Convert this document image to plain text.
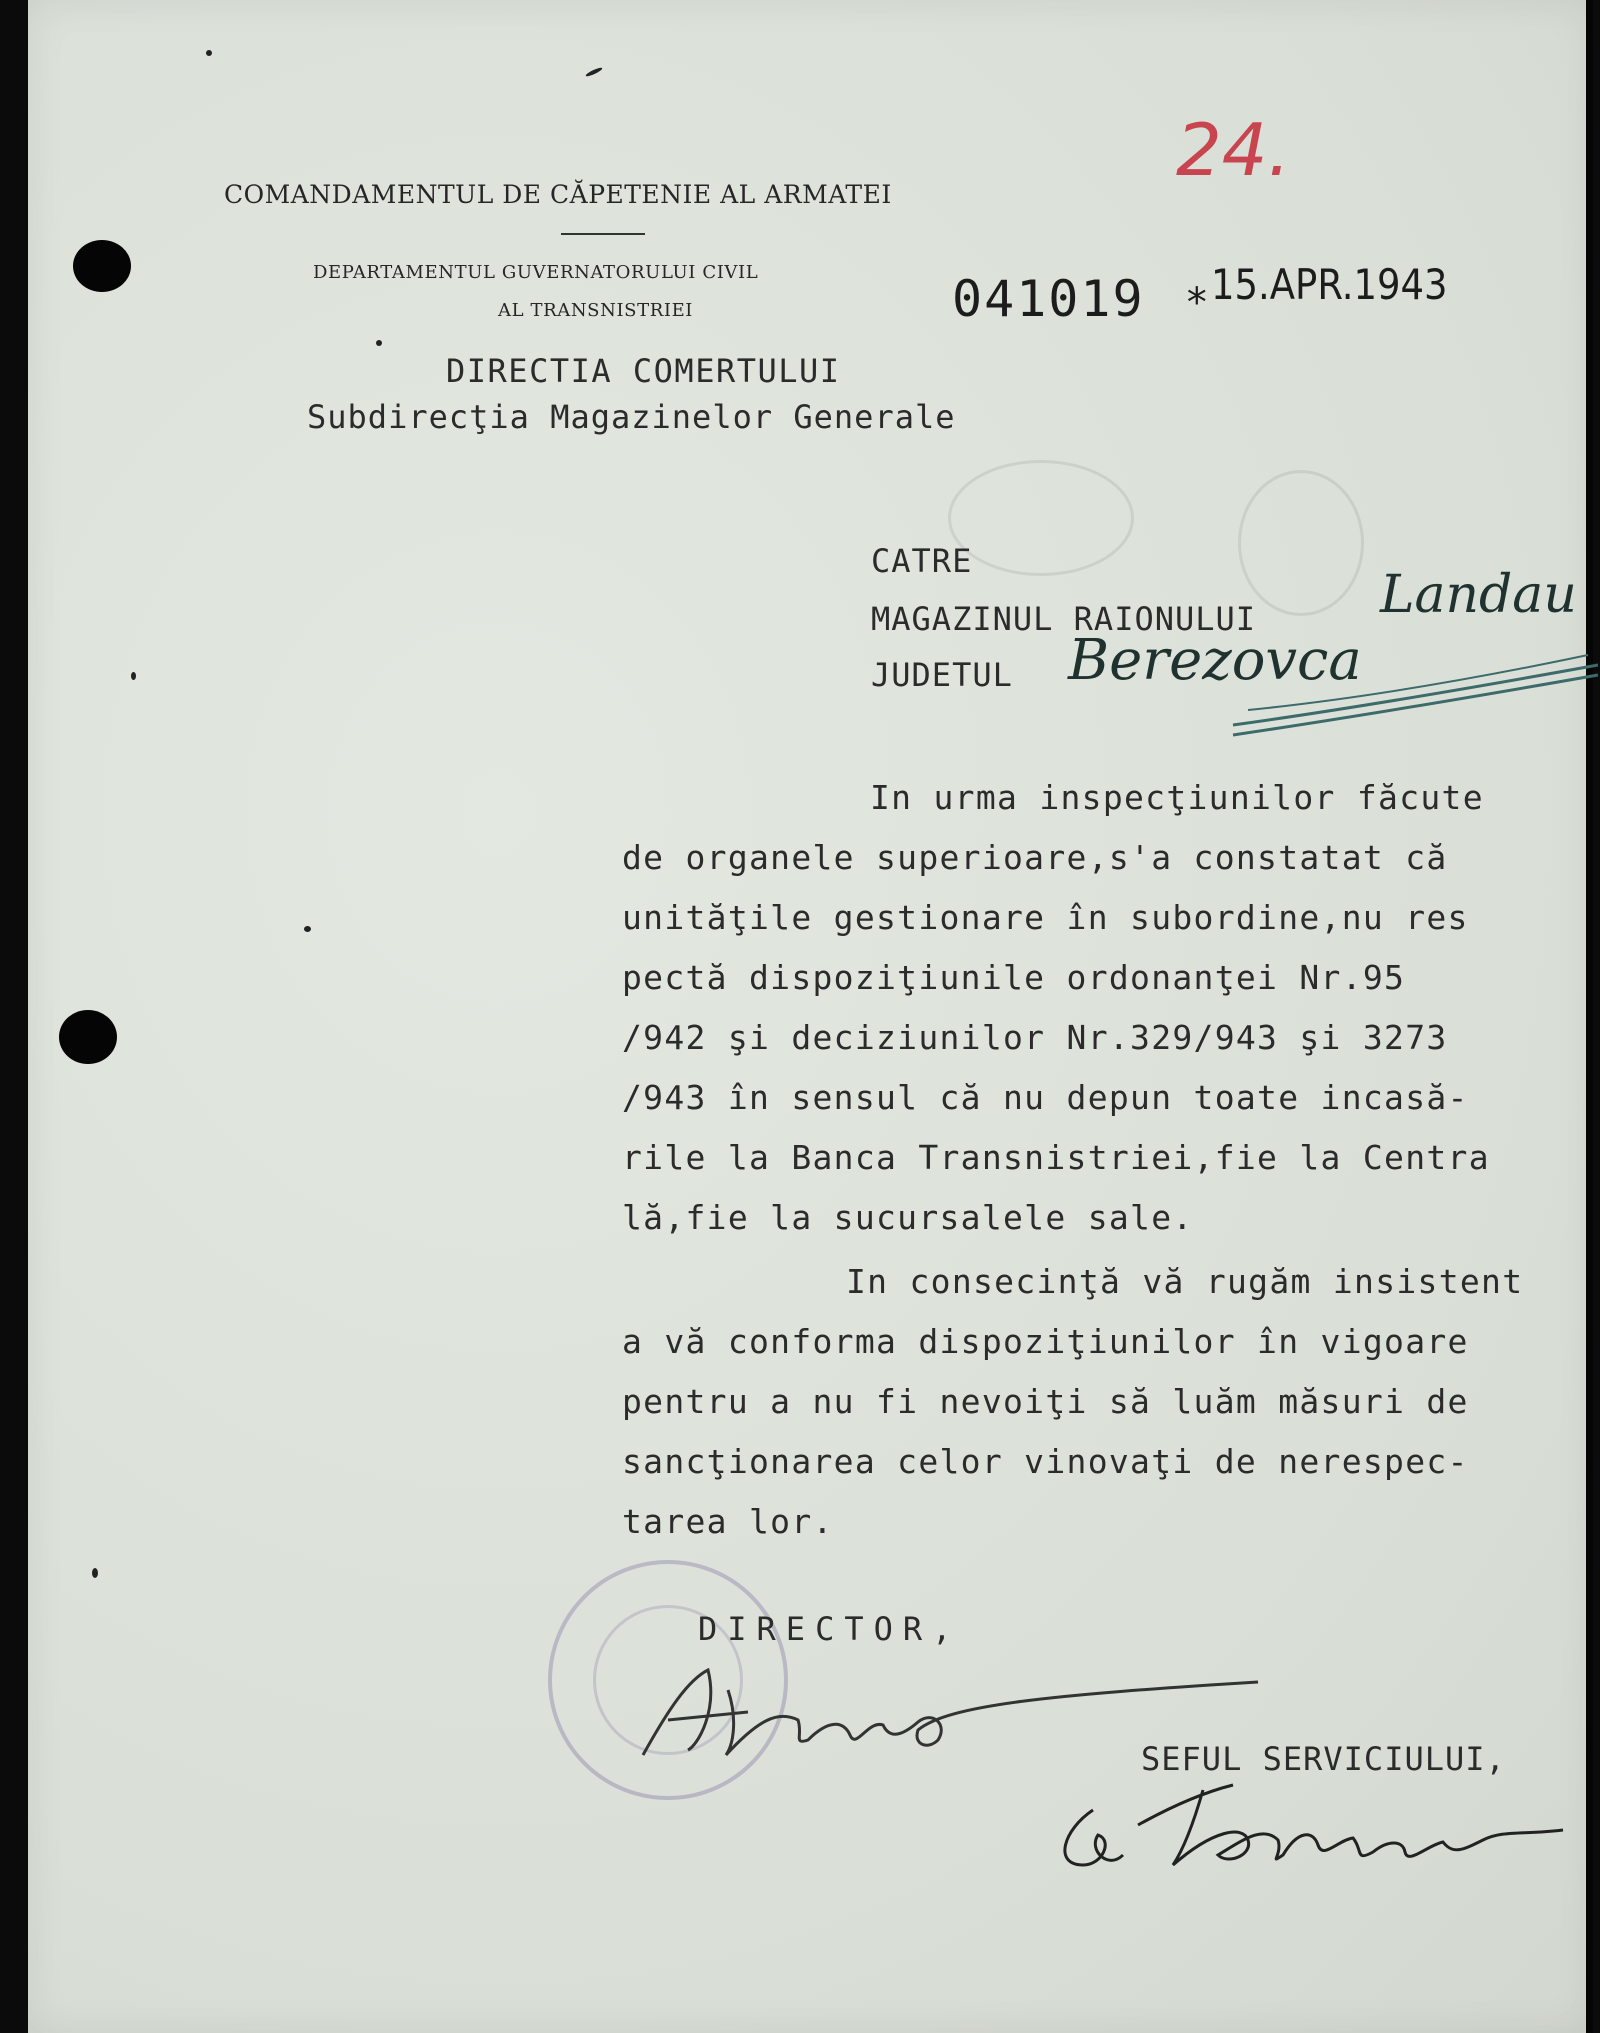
COMANDAMENTUL DE CĂPETENIE AL ARMATEI
DEPARTAMENTUL GUVERNATORULUI CIVIL
AL TRANSNISTRIEI
DIRECTIA COMERTULUI
Subdirecţia Magazinelor Generale
041019 * 15.APR.1943
24.
CATRE
MAGAZINUL RAIONULUI Landau
JUDETUL Berezovca
In urma inspecţiunilor făcute
de organele superioare,s'a constatat că
unităţile gestionare în subordine,nu res
pectă dispoziţiunile ordonanţei Nr.95
/942 şi deciziunilor Nr.329/943 şi 3273
/943 în sensul că nu depun toate incasă-
rile la Banca Transnistriei,fie la Centra
lă,fie la sucursalele sale.
In consecinţă vă rugăm insistent
a vă conforma dispoziţiunilor în vigoare
pentru a nu fi nevoiţi să luăm măsuri de
sancţionarea celor vinovaţi de nerespec-
tarea lor.
DIRECTOR,
SEFUL SERVICIULUI,
